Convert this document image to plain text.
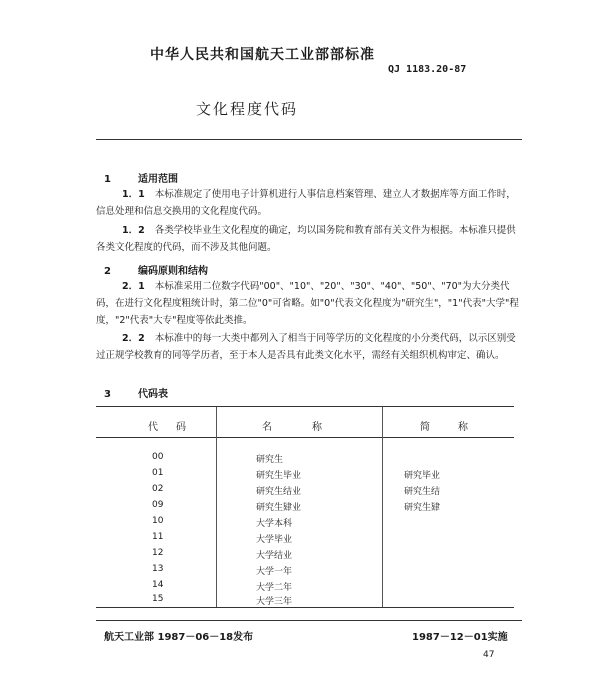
中华人民共和国航天工业部部标准
QJ 1183.20-87
文化程度代码
1	适用范围
1．1 本标准规定了使用电子计算机进行人事信息档案管理、建立人才数据库等方面工作时，信息处理和信息交换用的文化程度代码。
1．2 各类学校毕业生文化程度的确定，均以国务院和教育部有关文件为根据。本标准只提供各类文化程度的代码，而不涉及其他问题。
2	编码原则和结构
2．1 本标准采用二位数字代码"00"、"10"、"20"、"30"、"40"、"50"、"70"为大分类代码，在进行文化程度粗统计时，第二位"0"可省略。如"0"代表文化程度为"研究生"，"1"代表"大学"程度，"2"代表"大专"程度等依此类推。
2．2 本标准中的每一大类中都列入了相当于同等学历的文化程度的小分类代码，以示区别受过正规学校教育的同等学历者，至于本人是否具有此类文化水平，需经有关组织机构审定、确认。
3	代码表
代码	名称	简称
00	研究生
01	研究生毕业	研究毕业
02	研究生结业	研究生结
09	研究生肄业	研究生肄
10	大学本科
11	大学毕业
12	大学结业
13	大学一年
14	大学二年
15	大学三年
航天工业部 1987－06－18发布	1987－12－01实施
47
